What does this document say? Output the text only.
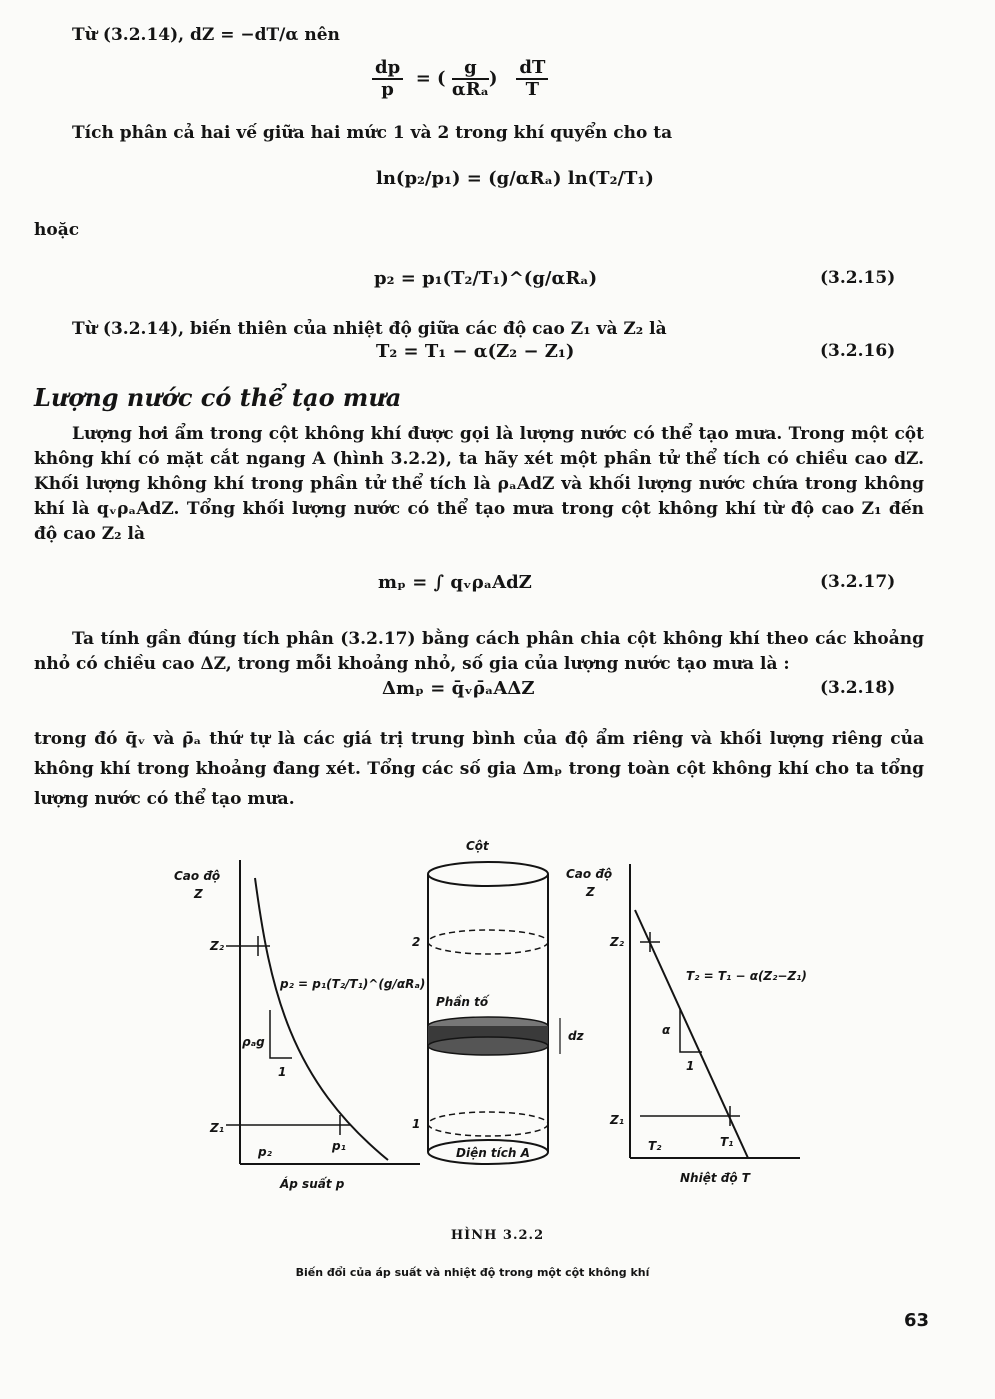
Từ (3.2.14), dZ = −dT/α nên
$\frac{dp}{p}$ = ( $\frac{g}{\text{αRₐ}}$ ) $\frac{dT}{T}$
Tích phân cả hai vế giữa hai mức 1 và 2 trong khí quyển cho ta
ln(p₂/p₁) = (g/αRₐ) ln(T₂/T₁)
hoặc
p₂ = p₁(T₂/T₁)^(g/αRₐ)	(3.2.15)
Từ (3.2.14), biến thiên của nhiệt độ giữa các độ cao Z₁ và Z₂ là
T₂ = T₁ − α(Z₂ − Z₁)	(3.2.16)
Lượng nước có thể tạo mưa
Lượng hơi ẩm trong cột không khí được gọi là lượng nước có thể tạo mưa. Trong một cột không khí có mặt cắt ngang A (hình 3.2.2), ta hãy xét một phần tử thể tích có chiều cao dZ. Khối lượng không khí trong phần tử thể tích là ρₐAdZ và khối lượng nước chứa trong không khí là qᵥρₐAdZ. Tổng khối lượng nước có thể tạo mưa trong cột không khí từ độ cao Z₁ đến độ cao Z₂ là
mₚ = ∫ qᵥρₐAdZ	(3.2.17)
Ta tính gần đúng tích phân (3.2.17) bằng cách phân chia cột không khí theo các khoảng nhỏ có chiều cao ΔZ, trong mỗi khoảng nhỏ, số gia của lượng nước tạo mưa là :
Δmₚ = q̄ᵥρ̄ₐAΔZ	(3.2.18)
trong đó q̄ᵥ và ρ̄ₐ thứ tự là các giá trị trung bình của độ ẩm riêng và khối lượng riêng của không khí trong khoảng đang xét. Tổng các số gia Δmₚ trong toàn cột không khí cho ta tổng lượng nước có thể tạo mưa.
Cao độ
Z
Z₂
Z₁
p₂	p₁
ρₐg
1
p₂ = p₁(T₂/T₁)^(g/αRₐ)
Áp suất p
Cột
2
Phần tố
dz
1
Diện tích A
Cao độ
Z
Z₂
Z₁
α
1
T₂ = T₁ − α(Z₂−Z₁)
T₂	T₁
Nhiệt độ T
HÌNH 3.2.2
Biến đổi của áp suất và nhiệt độ trong một cột không khí
63
